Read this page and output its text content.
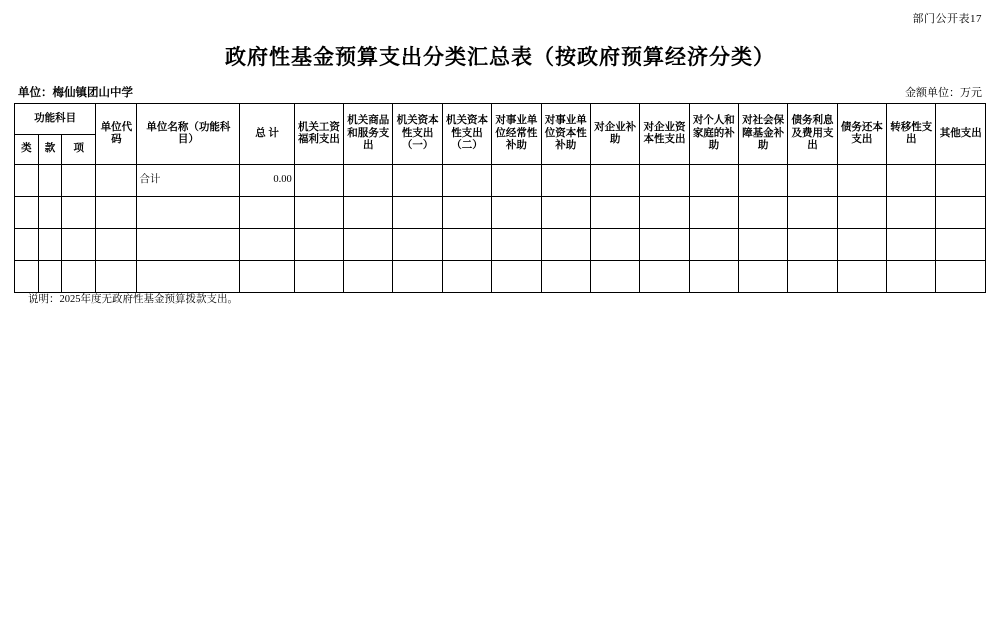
部门公开表17
政府性基金预算支出分类汇总表（按政府预算经济分类）
单位：梅仙镇团山中学	金额单位：万元
功能科目			单位代码	单位名称（功能科目）	总 计	机关工资福利支出	机关商品和服务支出	机关资本性支出（一）	机关资本性支出（二）	对事业单位经常性补助	对事业单位资本性补助	对企业补助	对企业资本性支出	对个人和家庭的补助	对社会保障基金补助	债务利息及费用支出	债务还本支出	转移性支出	其他支出
类	款	项																	
				合计	0.00														

说明：2025年度无政府性基金预算拨款支出。
